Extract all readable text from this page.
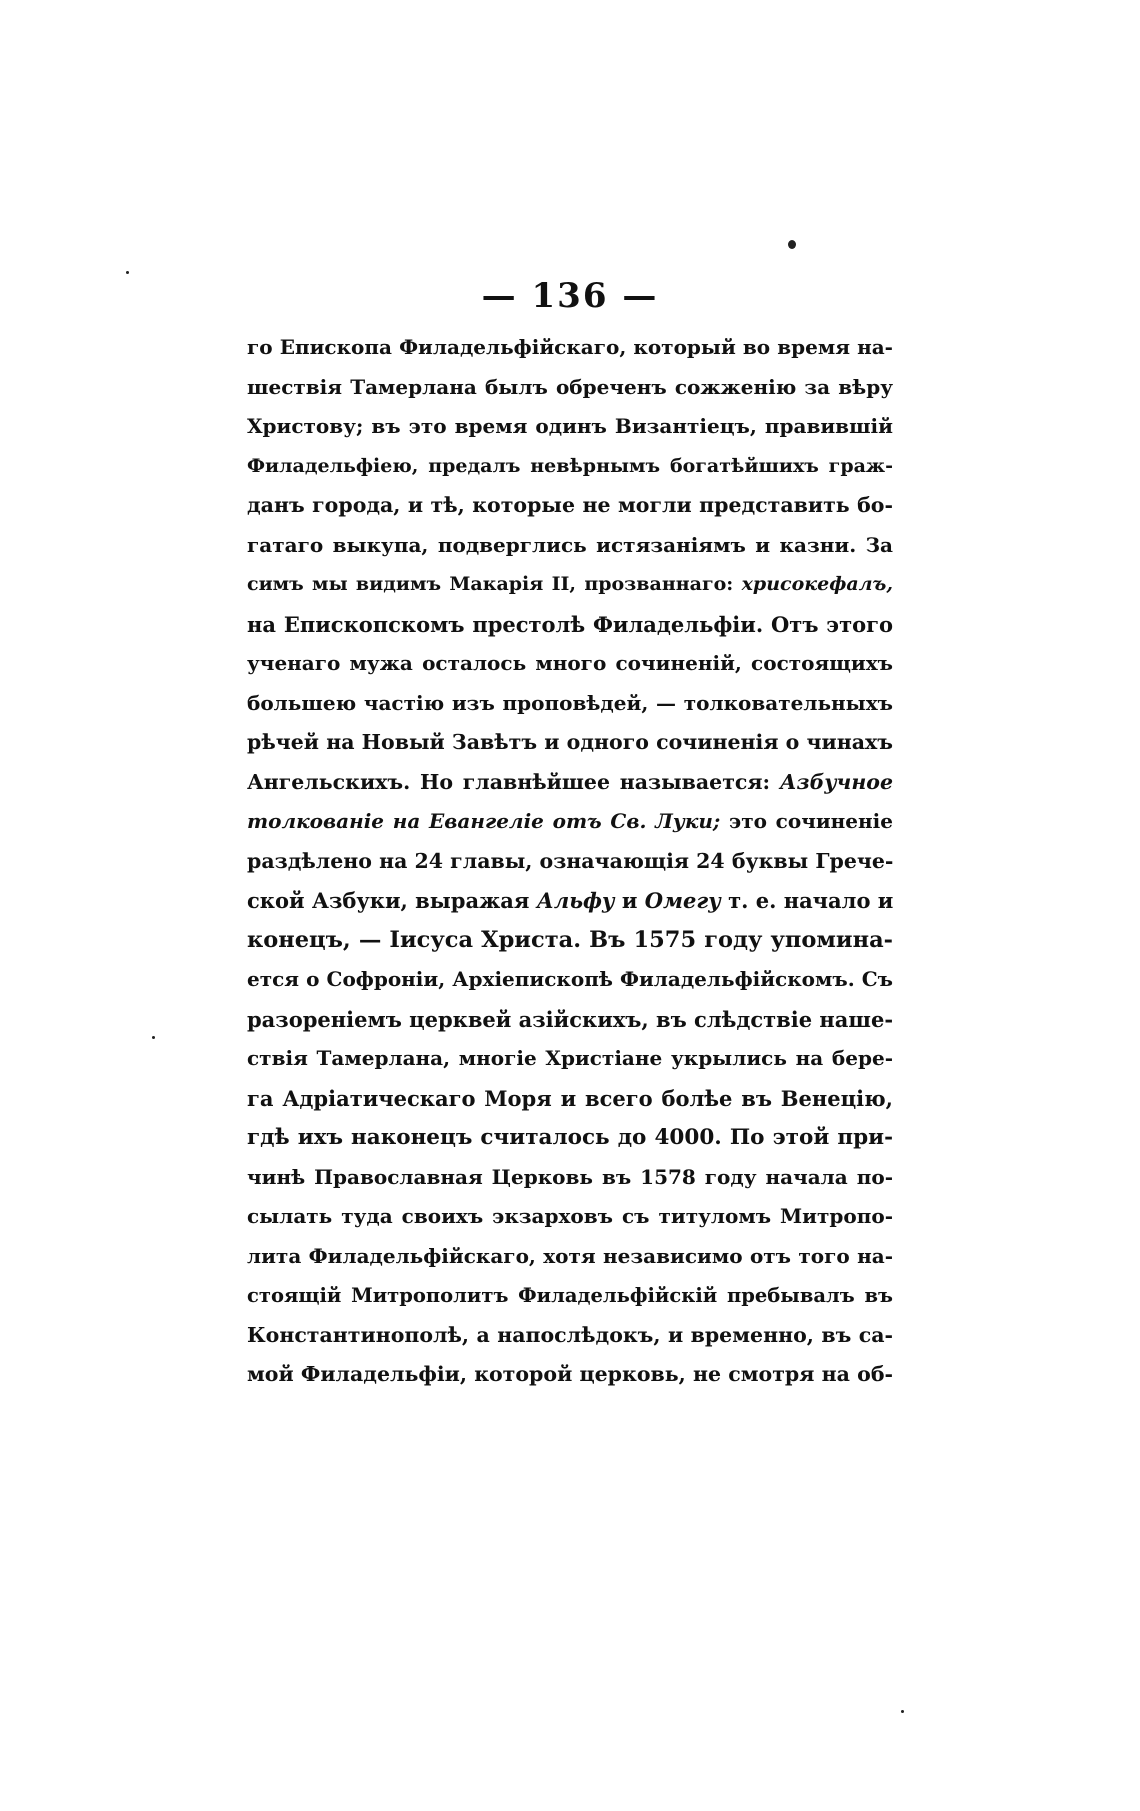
— 136 —
го Епископа Филадельфійскаго, который во время на-
шествія Тамерлана былъ обреченъ сожженію за вѣру
Христову; въ это время одинъ Византіецъ, правившій
Филадельфіею, предалъ невѣрнымъ богатѣйшихъ граж-
данъ города, и тѣ, которые не могли представить бо-
гатаго выкупа, подверглись истязаніямъ и казни. За
симъ мы видимъ Макарія II, прозваннаго: хрисокефалъ,
на Епископскомъ престолѣ Филадельфіи. Отъ этого
ученаго мужа осталось много сочиненій, состоящихъ
большею частію изъ проповѣдей, — толковательныхъ
рѣчей на Новый Завѣтъ и одного сочиненія о чинахъ
Ангельскихъ. Но главнѣйшее называется: Азбучное
толкованіе на Евангеліе отъ Св. Луки; это сочиненіе
раздѣлено на 24 главы, означающія 24 буквы Грече-
ской Азбуки, выражая Альфу и Омегу т. е. начало и
конецъ, — Іисуса Христа. Въ 1575 году упомина-
ется о Софроніи, Архіепископѣ Филадельфійскомъ. Съ
разореніемъ церквей азійскихъ, въ слѣдствіе наше-
ствія Тамерлана, многіе Христіане укрылись на бере-
га Адріатическаго Моря и всего болѣе въ Венецію,
гдѣ ихъ наконецъ считалось до 4000. По этой при-
чинѣ Православная Церковь въ 1578 году начала по-
сылать туда своихъ экзарховъ съ титуломъ Митропо-
лита Филадельфійскаго, хотя независимо отъ того на-
стоящій Митрополитъ Филадельфійскій пребывалъ въ
Константинополѣ, а напослѣдокъ, и временно, въ са-
мой Филадельфіи, которой церковь, не смотря на об-
